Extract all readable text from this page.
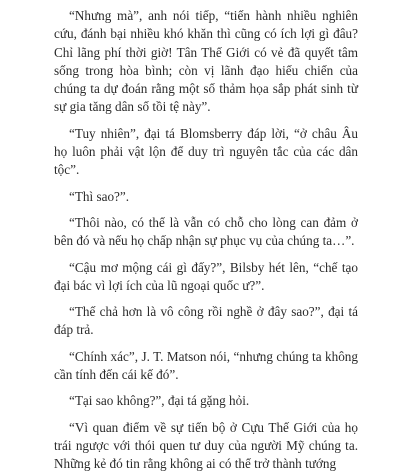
“Nhưng mà”, anh nói tiếp, “tiến hành nhiều nghiên cứu, đánh bại nhiều khó khăn thì cũng có ích lợi gì đâu? Chỉ lãng phí thời giờ! Tân Thế Giới có vẻ đã quyết tâm sống trong hòa bình; còn vị lãnh đạo hiếu chiến của chúng ta dự đoán rằng một số thảm họa sắp phát sinh từ sự gia tăng dân số tồi tệ này”.

“Tuy nhiên”, đại tá Blomsberry đáp lời, “ở châu Âu họ luôn phải vật lộn để duy trì nguyên tắc của các dân tộc”.

“Thì sao?”.

“Thôi nào, có thể là vẫn có chỗ cho lòng can đảm ở bên đó và nếu họ chấp nhận sự phục vụ của chúng ta…”.

“Cậu mơ mộng cái gì đấy?”, Bilsby hét lên, “chế tạo đại bác vì lợi ích của lũ ngoại quốc ư?”.

“Thế chả hơn là vô công rồi nghề ở đây sao?”, đại tá đáp trả.

“Chính xác”, J. T. Matson nói, “nhưng chúng ta không cần tính đến cái kế đó”.

“Tại sao không?”, đại tá gặng hỏi.

“Vì quan điểm về sự tiến bộ ở Cựu Thế Giới của họ trái ngược với thói quen tư duy của người Mỹ chúng ta. Những kẻ đó tin rằng không ai có thể trở thành tướng
